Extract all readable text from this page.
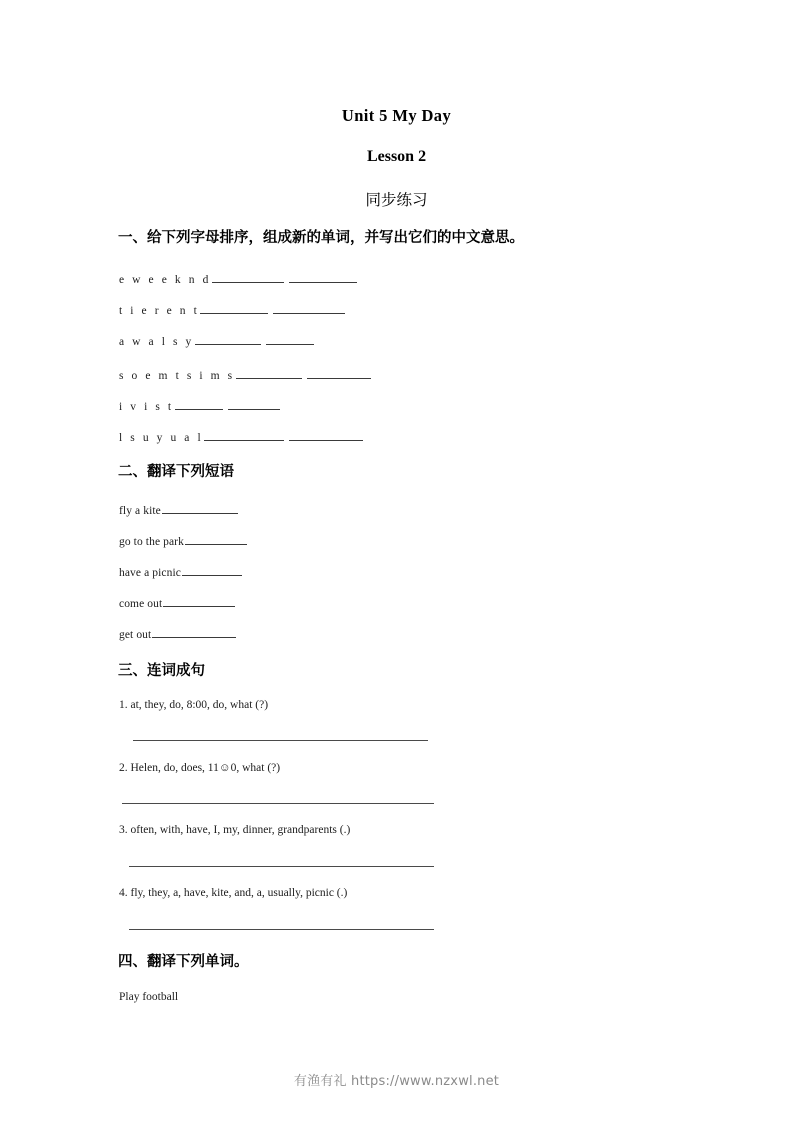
Unit 5 My Day
Lesson 2
同步练习
一、给下列字母排序，组成新的单词，并写出它们的中文意思。
e w e e k n d
t i e r e n t
a w a l s y
s o e m t s i m s
i v i s t
l s u y u a l
二、翻译下列短语
fly a kite
go to the park
have a picnic
come out
get out
三、连词成句
1. at, they, do, 8:00, do, what (?)
2. Helen, do, does, 11☺0, what (?)
3. often, with, have, I, my, dinner, grandparents (.)
4. fly, they, a, have, kite, and, a, usually, picnic (.)
四、翻译下列单词。
Play football
有渔有礼 https://www.nzxwl.net
